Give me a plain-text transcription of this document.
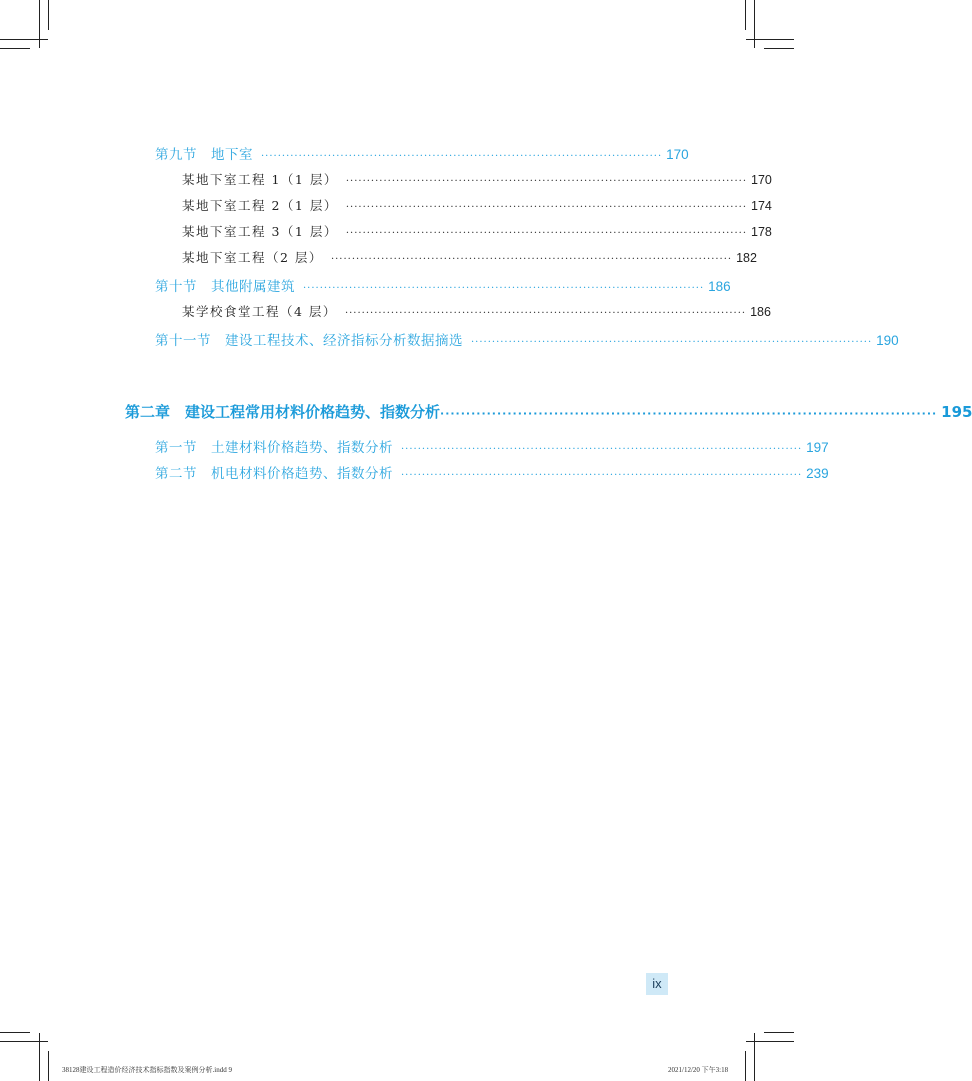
第九节　地下室 ································································································ 170
某地下室工程 1（1 层） ································································································ 170
某地下室工程 2（1 层） ································································································ 174
某地下室工程 3（1 层） ································································································ 178
某地下室工程（2 层） ································································································ 182
第十节　其他附属建筑 ································································································ 186
某学校食堂工程（4 层） ································································································ 186
第十一节　建设工程技术、经济指标分析数据摘选 ································································································ 190
第二章　建设工程常用材料价格趋势、指数分析 ································································································ 195
第一节　土建材料价格趋势、指数分析 ································································································ 197
第二节　机电材料价格趋势、指数分析 ································································································ 239
ix
38128建设工程造价经济技术指标指数及案例分析.indd 9	2021/12/20 下午3:18
